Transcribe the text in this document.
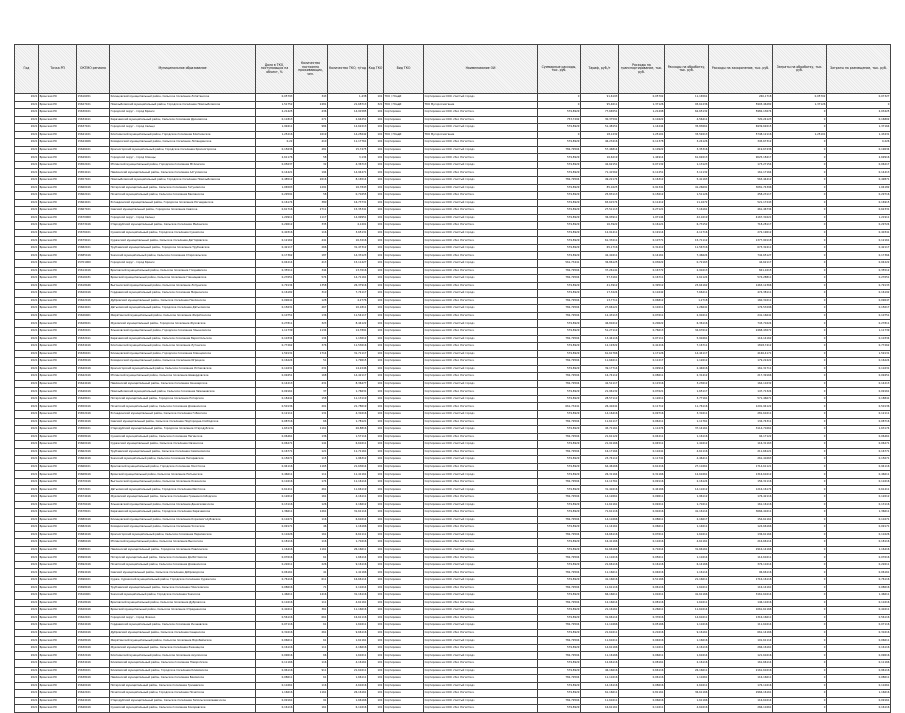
Год	Точка РП	ОКТМО региона	Муниципальное образование	Доля в ТКО, поступающих на объект, %	Количество постоянно проживающих, чел.	Количество ТКО, т/год	Код ТКО	Вид ТКО	Наименование ОИ	Суммарные расходы, тыс. руб.	Тариф, руб./т	Расходы на транспортирование, тыс. руб.	Расходы на обработку, тыс. руб.	Расходы на захоронение, тыс. руб.	Затраты на обработку, тыс. руб.	Затраты на размещение, тыс. руб.
2021	Брянская РО	15616451	Клинцовский муниципальный район, Сельское поселение Лопатенское	0,05793	343	1,438	101	ТКО / ГКадИ	Сортировка на ООО «Чистый город»	0	91,6193	0,05702	11,16561	260,1718	0,05702	0,07327
2021	Брянская РО	15627101	Новозыбковский муниципальный район, Городское поселение Новозыбковское	1,51752	2481	21,68713	321	ТКО / ГКадИ	ТКО Мусоросжигание	0	95,4611	1,37126	93,61236	5993,46282	1,37126	0
2021	Брянская РО	15630101	Городской округ - город Брянск	2,21425	436	14,91585	101	Сортировка	Сортировка на ООО «Эко Логистик»	579,8929	77,66551	1,21498	62,65132	5982,13674	0	2,03425
2021	Брянская РО	15634411	Карачевский муниципальный район, Сельское поселение Дроновское	0,11813	271	2,64251	101	Сортировка	Сортировка на ООО «Эко Логистик»	753,7292	30,37591	0,10422	4,56411	720,24123	0	0,16802
2021	Брянская РО	15637101	Городской округ - город Сельцо	1,99411	984	12,62213	101	Сортировка	Сортировка на ООО «Чистый город»	579,8929	51,48151	1,14244	35,83661	6939,69215	0	1,37164
2021	Брянская РО	15641101	Клетнянский муниципальный район, Городское поселение Клетнянское	1,25216	1619	14,25642	101	ТКО / ГКадИ	ТКО Мусоросжигание	0	18,1232	1,25101	33,59213	5748,12116	1,25101	1,43431
2021	Брянская РО	15644406	Комаричский муниципальный район, Сельское поселение Лопандинское	0,22	410	11,17761	101	Сортировка	Сортировка на ООО «Эко Логистик»	579,8929	46,23416	0,11378	3,24126	345,67312	0	0,226
2021	Брянская РО	15646101	Красногорский муниципальный район, Городское поселение Красногорское	0,15636	481	15,7475	101	Сортировка	Сортировка на ООО «Чистый город»	782,79504	57,46814	0,10922	3,35316	419,67436	0	0,19634
2021	Брянская РО	15649101	Городской округ - город Клинцы	2,61176	58	3,134	101	Сортировка	Сортировка на ООО «Эко Логистик»	579,8929	16,6219	1,44914	61,69213	9025,18417	0	2,69916
2021	Брянская РО	15652101	Мглинский муниципальный район, Городское поселение Мглинское	0,05637	32	4,36713	101	Сортировка	Сортировка на ООО «Чистый город»	579,8929	42,62151	0,07132	1,13123	173,27154	0	0,06217
2021	Брянская РО	15654411	Навлинский муниципальный район, Сельское поселение Алтуховское	0,14421	194	14,94471	101	Сортировка	Сортировка на ООО «Эко Логистик»	579,8929	71,41562	0,11251	3,11132	161,17164	0	0,14413
2021	Брянская РО	15657101	Новозыбковский муниципальный район, Городское поселение Новозыбковское	0,48512	2616	8,16514	101	Сортировка	Сортировка на ООО «Чистый город»	782,79504	49,22174	0,16312	5,41163	563,44412	0	0,49871
2021	Брянская РО	15660416	Погарский муниципальный район, Сельское поселение Гетуновское	1,06503	1291	16,7843	101	Сортировка	Сортировка на ООО «Чистый город»	579,8929	85,1625	0,91341	41,26691	3081,74396	0	1,04182
2021	Брянская РО	15662411	Почепский муниципальный район, Сельское поселение Бакланское	0,29591	58	0,71655	101	Сортировка	Сортировка на ООО «Эко Логистик»	579,8929	25,83113	0,15612	1,51126	458,23117	0	0,29716
2021	Брянская РО	15664101	Рогнединский муниципальный район, Городское поселение Рогнединское	0,16174	380	16,73731	101	Сортировка	Сортировка на ООО «Чистый город»	579,8929	65,61574	0,11412	11,1672	521,17243	0	0,16915
2021	Брянская РО	15667101	Севский муниципальный район, Городское поселение Севское	0,61716	2711	15,35341	101	Сортировка	Сортировка на ООО «Эко Логистик»	579,8929	27,51113	0,27121	7,16161	461,46734	0	0,62331
2021	Брянская РО	15670000	Городской округ - город Сельцо	1,20911	1117	14,99951	101	Сортировка	Сортировка на ООО «Чистый город»	579,8929	36,93911	1,07144	42,1619	4167,31621	0	1,21911
2021	Брянская РО	15673416	Стародубский муниципальный район, Сельское поселение Меленское	0,29612	335	4,1201	101	Сортировка	Сортировка на ООО «Эко Логистик»	579,8929	16,3922	0,16121	6,73152	718,28117	0	0,29724
2021	Брянская РО	15676101	Суземский муниципальный район, Городское поселение Суземское	0,40316	116	3,65131	101	Сортировка	Сортировка на ООО «Чистый город»	579,8929	12,91411	0,19114	4,11716	272,19612	0	0,40341
2021	Брянская РО	15679411	Суражский муниципальный район, Сельское поселение Дегтярёвское	0,12162	441	16,3216	101	Сортировка	Сортировка на ООО «Эко Логистик»	579,8929	61,33211	0,10771	15,71112	1377,90118	0	0,12161
2021	Брянская РО	15682101	Трубчевский муниципальный район, Городское поселение Трубчевское	0,42117	266	31,47312	101	Сортировка	Сортировка на ООО «Чистый город»	579,8929	65,1716	0,31412	11,56716	673,32411	0	0,42117
2021	Брянская РО	15685416	Унечский муниципальный район, Сельское поселение Старосельское	0,17362	187	14,33123	101	Сортировка	Сортировка на ООО «Эко Логистик»	579,8929	42,41611	0,14161	7,46624	742,65127	0	0,17364
2021	Брянская РО	15701000	Городской округ - город Брянск	0,04214	413	15,11427	101	Сортировка	Сортировка на ООО «Чистый город»	561,73441	36,86125	0,03622	0,72163	44,62117	0	0,04222
2021	Брянская РО	15614416	Брасовский муниципальный район, Сельское поселение Глоднёвское	0,35511	344	13,7616	101	Сортировка	Сортировка на ООО «Эко Логистик»	782,79504	37,26141	0,16772	2,91613	841,1615	0	0,35512
2021	Брянская РО	15616431	Брянский муниципальный район, Сельское поселение Глинищевское	0,27651	574	14,71161	101	Сортировка	Сортировка на ООО «Чистый город»	782,79504	57,3161	0,16711	2,61124	574,28811	0	0,27651
2021	Брянская РО	15618446	Выгоничский муниципальный район, Сельское поселение Лопушское	0,79134	1358	26,37916	101	Сортировка	Сортировка на ООО «Эко Логистик»	579,8929	41,3912	0,39512	23,64162	1463,12366	0	0,79133
2021	Брянская РО	15620416	Гордеевский муниципальный район, Сельское поселение Мирнинское	0,16182	310	7,74117	101	Сортировка	Сортировка на ООО «Чистый город»	579,8929	17,3224	0,11642	7,66211	474,38111	0	0,16192
2021	Брянская РО	15622416	Дубровский муниципальный район, Сельское поселение Пеклинское	0,09641	128	4,2776	101	Сортировка	Сортировка на ООО «Эко Логистик»	782,79504	13,7711	0,06812	1,2718	160,31611	0	0,09647
2021	Брянская РО	15624101	Дятьковский муниципальный район, Городское поселение Дятьковское	0,15631	467	10,1811	101	Сортировка	Сортировка на ООО «Чистый город»	782,79504	27,66121	0,10211	1,26641	176,53296	0	0,15617
2021	Брянская РО	15626401	Жирятинский муниципальный район, Сельское поселение Жирятинское	0,10751	136	11,54117	101	Сортировка	Сортировка на ООО «Эко Логистик»	782,79504	12,43113	0,07611	2,91611	241,16641	0	0,10751
2021	Брянская РО	15628101	Жуковский муниципальный район, Городское поселение Жуковское	0,27811	323	8,44122	101	Сортировка	Сортировка на ООО «Чистый город»	579,8929	46,81612	0,20622	6,36116	743,71624	0	0,27811
2021	Брянская РО	15630101	Злынковский муниципальный район, Городское поселение Злынковское	1,11739	1134	14,7891	101	Сортировка	Сортировка на ООО «Эко Логистик»	579,8929	51,27112	0,76613	34,67612	2468,43672	0	1,11739
2021	Брянская РО	15632411	Карачевский муниципальный район, Сельское поселение Верхопольское	0,10334	134	1,13612	101	Сортировка	Сортировка на ООО «Чистый город»	782,79504	13,44116	0,07111	5,91661	116,14162	0	0,10334
2021	Брянская РО	15634416	Клетнянский муниципальный район, Сельское поселение Лутенское	0,77262	376	11,53616	101	Сортировка	Сортировка на ООО «Эко Логистик»	579,8929	12,19322	0,41216	7,16711	1818,7412	0	0,77262
2021	Брянская РО	15636101	Клинцовский муниципальный район, Городское поселение Клинцовское	1,59131	1714	31,71117	101	Сортировка	Сортировка на ООО «Чистый город»	579,8929	61,61766	1,17126	14,44117	4166,4171	0	1,59131
2021	Брянская РО	15638416	Комаричский муниципальный район, Сельское поселение Игрицкое	0,16224	51	1,79615	101	Сортировка	Сортировка на ООО «Эко Логистик»	782,79504	11,64611	0,11217	1,12612	179,22422	0	0,16224
2021	Брянская РО	15640416	Красногорский муниципальный район, Сельское поселение Лотаковское	0,11631	231	14,2246	101	Сортировка	Сортировка на ООО «Чистый город»	579,8929	39,17714	0,09914	2,44616	161,31711	0	0,11631
2021	Брянская РО	15642416	Мглинский муниципальный район, Сельское поселение Шевердовское	0,09451	168	14,42117	101	Сортировка	Сортировка на ООО «Эко Логистик»	782,79504	16,74112	0,08611	2,31412	217,39166	0	0,09451
2021	Брянская РО	15644416	Навлинский муниципальный район, Сельское поселение Синезерское	0,14213	431	8,36477	101	Сортировка	Сортировка на ООО «Чистый город»	782,79504	42,51117	0,11516	3,23612	164,11632	0	0,14213
2021	Брянская РО	15646416	Новозыбковский муниципальный район, Сельское поселение Замишевское	0,09161	37	1,76631	101	Сортировка	Сортировка на ООО «Эко Логистик»	579,8929	21,96132	0,07621	1,65117	147,71324	0	0,09161
2021	Брянская РО	15648101	Погарский муниципальный район, Городское поселение Погарское	0,18441	158	11,13119	101	Сортировка	Сортировка на ООО «Чистый город»	579,8929	28,57112	0,12611	3,77161	571,46671	0	0,18841
2021	Брянская РО	15650416	Почепский муниципальный район, Сельское поселение Доманичское	0,50136	201	21,78619	101	Сортировка	Сортировка на ООО «Эко Логистик»	661,73441	26,41641	0,11712	11,76116	1291,94122	0	0,50136
2021	Брянская РО	15652416	Рогнединский муниципальный район, Сельское поселение Гобикское	0,12111	131	4,31616	101	Сортировка	Сортировка на ООО «Чистый город»	579,8929	14,16416	0,09716	3,31611	281,61611	0	0,12111
2021	Брянская РО	15654416	Севский муниципальный район, Сельское поселение Подгородне-Слободское	0,08716	66	1,78121	101	Сортировка	Сортировка на ООО «Эко Логистик»	782,79504	11,61117	0,06211	1,11761	134,74311	0	0,08716
2021	Брянская РО	15656101	Стародубский муниципальный район, Городское поселение Стародубское	1,63174	1161	26,8816	101	Сортировка	Сортировка на ООО «Чистый город»	579,8929	45,71161	1,11274	37,14161	3114,71661	0	1,63174
2021	Брянская РО	15658416	Суземский муниципальный район, Сельское поселение Негинское	0,06461	136	1,57114	101	Сортировка	Сортировка на ООО «Эко Логистик»	782,79504	21,61122	0,04211	1,16116	94,17122	0	0,06461
2021	Брянская РО	15660416	Суражский муниципальный район, Сельское поселение Овчинское	0,06271	141	6,61611	101	Сортировка	Сортировка на ООО «Чистый город»	579,8929	21,91166	0,04511	1,41612	116,31163	0	0,06271
2021	Брянская РО	15662416	Трубчевский муниципальный район, Сельское поселение Семячковское	0,16771	121	11,71161	101	Сортировка	Сортировка на ООО «Эко Логистик»	782,79504	16,17164	0,11641	4,61116	211,66121	0	0,16771
2021	Брянская РО	15664416	Унечский муниципальный район, Сельское поселение Писаревское	0,15671	115	1,96312	101	Сортировка	Сортировка на ООО «Чистый город»	579,8929	23,74112	0,11741	4,46411	261,41663	0	0,15671
2021	Брянская РО	15666101	Брасовский муниципальный район, Городское поселение Локотское	0,94116	1165	21,63614	101	Сортировка	Сортировка на ООО «Эко Логистик»	579,8929	64,46166	0,61216	27,11661	1714,61121	0	0,94116
2021	Брянская РО	15668416	Брянский муниципальный район, Сельское поселение Нетьинское	0,46611	111	11,41161	101	Сортировка	Сортировка на ООО «Чистый город»	579,8929	26,31164	0,31166	12,61661	1316,61612	0	0,46611
2021	Брянская РО	15670416	Выгоничский муниципальный район, Сельское поселение Кокинское	0,11616	174	11,16114	101	Сортировка	Сортировка на ООО «Эко Логистик»	782,79504	12,11761	0,09116	2,16124	156,31116	0	0,11616
2021	Брянская РО	15672101	Дятьковский муниципальный район, Городское поселение Ивотское	0,61411	461	11,66119	101	Сортировка	Сортировка на ООО «Чистый город»	579,8929	31,41616	0,44166	14,11612	1216,16174	0	0,61411
2021	Брянская РО	15674416	Жуковский муниципальный район, Сельское поселение Гришинослободское	0,12612	161	4,16111	101	Сортировка	Сортировка на ООО «Эко Логистик»	782,79504	14,12661	0,09611	1,96112	176,42116	0	0,12612
2021	Брянская РО	15676416	Злынковский муниципальный район, Сельское поселение Денисковичское	0,13116	126	2,16612	101	Сортировка	Сортировка на ООО «Чистый город»	579,8929	11,61161	0,09211	1,71611	161,16116	0	0,13116
2021	Брянская РО	15678101	Карачевский муниципальный район, Городское поселение Карачевское	1,36611	1261	31,61114	101	Сортировка	Сортировка на ООО «Эко Логистик»	579,8929	71,61116	0,91616	41,16114	3666,41611	0	1,36611
2021	Брянская РО	15680416	Клинцовский муниципальный район, Сельское поселение Коржовоголубовское	0,11671	116	6,61614	101	Сортировка	Сортировка на ООО «Чистый город»	782,79504	14,11666	0,08611	2,16617	154,61161	0	0,11671
2021	Брянская РО	15682416	Комаричский муниципальный район, Сельское поселение Усожское	0,09171	46	1,16166	101	Сортировка	Сортировка на ООО «Эко Логистик»	579,8929	11,14161	0,06611	1,14611	124,66166	0	0,09171
2021	Брянская РО	15684416	Красногорский муниципальный район, Сельское поселение Перелазское	0,11626	161	6,61111	101	Сортировка	Сортировка на ООО «Чистый город»	782,79504	16,66116	0,07611	1,61611	136,61164	0	0,11626
2021	Брянская РО	15686416	Мглинский муниципальный район, Сельское поселение Высокское	0,18116	116	1,71616	101	Сортировка	Сортировка на ООО «Эко Логистик»	579,8929	16,41166	0,11616	4,61161	216,66114	0	0,18116
2021	Брянская РО	15688101	Навлинский муниципальный район, Городское поселение Навлинское	1,16416	1161	26,16611	101	Сортировка	Сортировка на ООО «Чистый город»	579,8929	61,66166	0,71614	31,66161	2916,14166	0	1,16416
2021	Брянская РО	15690416	Погарский муниципальный район, Сельское поселение Долботовское	0,07616	61	1,66114	101	Сортировка	Сортировка на ООО «Эко Логистик»	782,79504	11,11616	0,05611	1,11614	114,61611	0	0,07616
2021	Брянская РО	15692416	Почепский муниципальный район, Сельское поселение Доманичское	0,22611	226	9,16116	101	Сортировка	Сортировка на ООО «Чистый город»	579,8929	21,66116	0,16116	6,14166	376,11614	0	0,22611
2021	Брянская РО	15694416	Севский муниципальный район, Сельское поселение Доброводское	0,06161	41	1,41166	101	Сортировка	Сортировка на ООО «Эко Логистик»	782,79504	11,16611	0,04616	1,16114	96,66116	0	0,06161
2021	Брянская РО	15696101	Сураж, Суражский муниципальный район, Городское поселение Суражское	0,76116	611	16,66114	101	Сортировка	Сортировка на ООО «Чистый город»	579,8929	41,16616	0,51166	21,16611	1716,16116	0	0,76116
2021	Брянская РО	15698416	Трубчевский муниципальный район, Сельское поселение Плюсковское	0,08616	71	2,11614	101	Сортировка	Сортировка на ООО «Эко Логистик»	782,79504	11,61116	0,06116	1,61611	116,14161	0	0,08616
2021	Брянская РО	15616401	Унечский муниципальный район, Городское поселение Унечское	1,46611	1416	31,16116	101	Сортировка	Сортировка на ООО «Чистый город»	579,8929	66,16611	1,01611	41,61166	3161,61614	0	1,46611
2021	Брянская РО	15618416	Брасовский муниципальный район, Сельское поселение Дубровское	0,11616	111	4,61161	101	Сортировка	Сортировка на ООО «Эко Логистик»	782,79504	12,16614	0,08116	1,61611	146,11616	0	0,11616
2021	Брянская РО	15620416	Брянский муниципальный район, Сельское поселение Отрадненское	0,41611	361	11,16616	101	Сортировка	Сортировка на ООО «Чистый город»	579,8929	21,16161	0,26611	11,61614	1061,61166	0	0,41611
2021	Брянская РО	15622101	Городской округ - город Фокино	0,56116	661	16,61116	101	Сортировка	Сортировка на ООО «Эко Логистик»	579,8929	31,66114	0,37616	14,61611	1316,16611	0	0,56116
2021	Брянская РО	15624416	Гордеевский муниципальный район, Сельское поселение Уношевское	0,07116	61	1,61611	101	Сортировка	Сортировка на ООО «Чистый город»	782,79504	11,11666	0,05166	1,11616	111,61614	0	0,07116
2021	Брянская РО	15626416	Дубровский муниципальный район, Сельское поселение Сещинское	0,31616	261	9,66116	101	Сортировка	Сортировка на ООО «Эко Логистик»	579,8929	21,61611	0,21616	9,16161	661,14166	0	0,31616
2021	Брянская РО	15628416	Жирятинский муниципальный район, Сельское поселение Воробейнское	0,06611	61	1,61161	101	Сортировка	Сортировка на ООО «Чистый город»	782,79504	11,61611	0,04616	1,16616	101,61114	0	0,06611
2021	Брянская РО	15630416	Жуковский муниципальный район, Сельское поселение Ржаницкое	0,16116	111	4,16616	101	Сортировка	Сортировка на ООО «Эко Логистик»	579,8929	14,61166	0,11611	4,16116	266,16161	0	0,16116
2021	Брянская РО	15632416	Клетнянский муниципальный район, Сельское поселение Акуличское	0,09616	66	1,61611	101	Сортировка	Сортировка на ООО «Чистый город»	782,79504	11,16166	0,06611	1,61614	121,61616	0	0,09616
2021	Брянская РО	15634416	Климовский муниципальный район, Сельское поселение Новоропское	0,11166	116	4,16161	101	Сортировка	Сортировка на ООО «Эко Логистик»	579,8929	12,66116	0,08161	2,16116	161,66114	0	0,11166
2021	Брянская РО	15636101	Климовский муниципальный район, Городское поселение Климовское	0,96116	911	21,61611	101	Сортировка	Сортировка на ООО «Чистый город»	579,8929	46,16616	0,66116	26,16611	2161,61616	0	0,96116
2021	Брянская РО	15638416	Навлинский муниципальный район, Сельское поселение Бяковское	0,08611	61	1,66111	101	Сортировка	Сортировка на ООО «Эко Логистик»	782,79504	11,11616	0,06116	1,11661	116,16611	0	0,08611
2021	Брянская РО	15640416	Погарский муниципальный район, Сельское поселение Гриневское	0,11661	116	4,61616	101	Сортировка	Сортировка на ООО «Чистый город»	579,8929	14,16116	0,08616	2,61611	176,11616	0	0,11661
2021	Брянская РО	15642101	Почепский муниципальный район, Городское поселение Почепское	1,16616	1161	26,16161	101	Сортировка	Сортировка на ООО «Эко Логистик»	579,8929	61,16611	0,81161	36,61166	2966,16161	0	1,16616
2021	Брянская РО	15644416	Стародубский муниципальный район, Сельское поселение Запольскохалеевичское	0,09161	91	1,66166	101	Сортировка	Сортировка на ООО «Чистый город»	782,79504	11,61611	0,06616	1,61166	116,61614	0	0,09161
2021	Брянская РО	15646416	Суземский муниципальный район, Сельское поселение Кокоревское	0,16116	161	6,11616	101	Сортировка	Сортировка на ООО «Эко Логистик»	579,8929	16,61161	0,11611	4,61616	266,11661	0	0,16116
